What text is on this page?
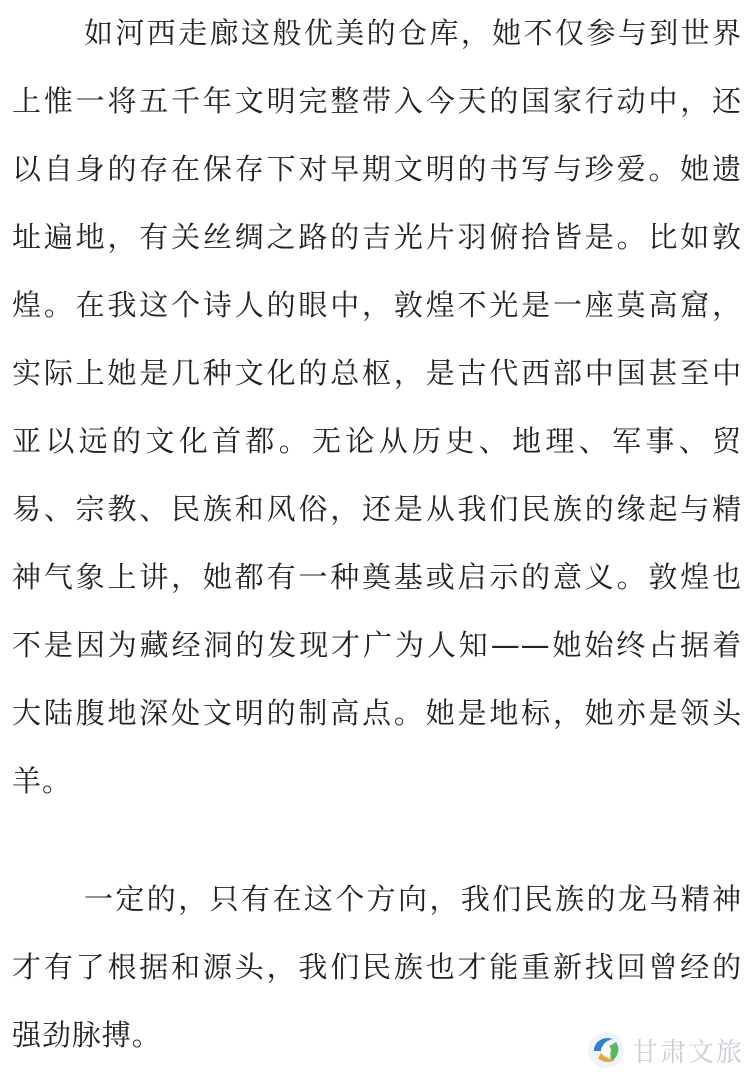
如河西走廊这般优美的仓库，她不仅参与到世界
上惟一将五千年文明完整带入今天的国家行动中，还
以自身的存在保存下对早期文明的书写与珍爱。她遗
址遍地，有关丝绸之路的吉光片羽俯拾皆是。比如敦
煌。在我这个诗人的眼中，敦煌不光是一座莫高窟，
实际上她是几种文化的总枢，是古代西部中国甚至中
亚以远的文化首都。无论从历史、地理、军事、贸
易、宗教、民族和风俗，还是从我们民族的缘起与精
神气象上讲，她都有一种奠基或启示的意义。敦煌也
不是因为藏经洞的发现才广为人知——她始终占据着
大陆腹地深处文明的制高点。她是地标，她亦是领头
羊。
一定的，只有在这个方向，我们民族的龙马精神
才有了根据和源头，我们民族也才能重新找回曾经的
强劲脉搏。
甘肃文旅
